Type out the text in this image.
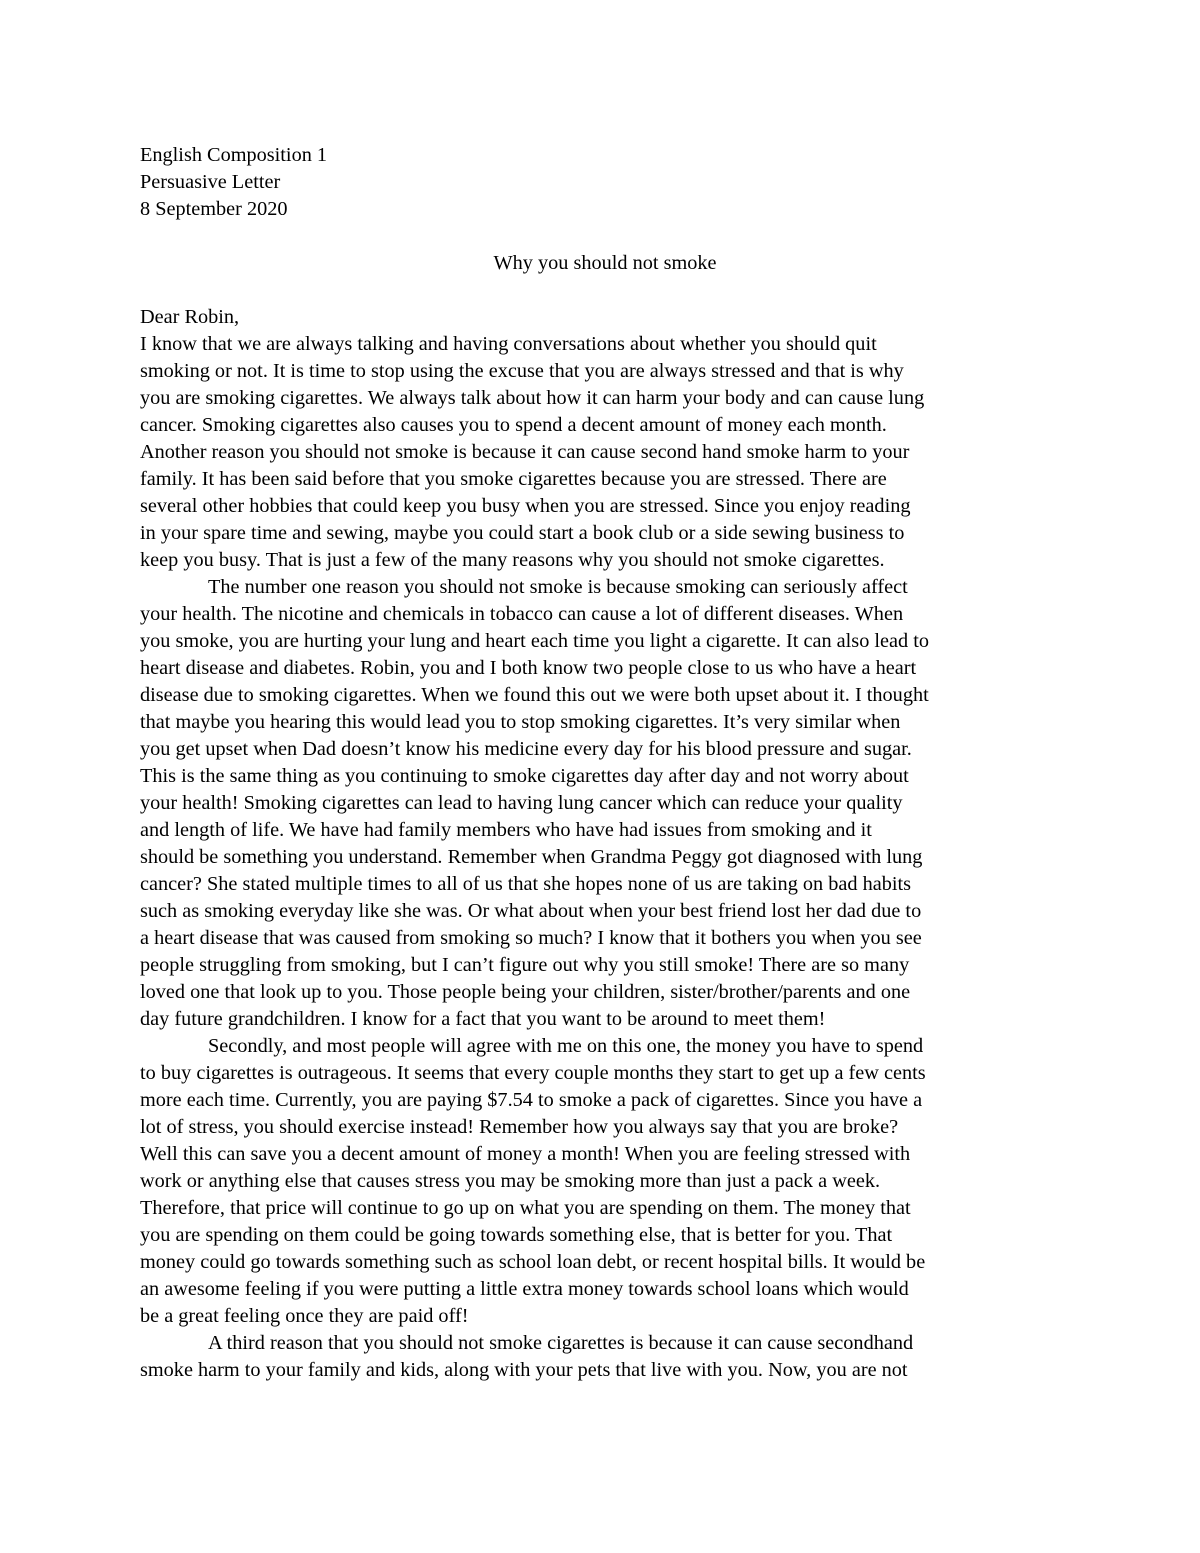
English Composition 1
Persuasive Letter
8 September 2020
Why you should not smoke
Dear Robin,
I know that we are always talking and having conversations about whether you should quit
smoking or not. It is time to stop using the excuse that you are always stressed and that is why
you are smoking cigarettes. We always talk about how it can harm your body and can cause lung
cancer. Smoking cigarettes also causes you to spend a decent amount of money each month.
Another reason you should not smoke is because it can cause second hand smoke harm to your
family. It has been said before that you smoke cigarettes because you are stressed. There are
several other hobbies that could keep you busy when you are stressed. Since you enjoy reading
in your spare time and sewing, maybe you could start a book club or a side sewing business to
keep you busy. That is just a few of the many reasons why you should not smoke cigarettes.
The number one reason you should not smoke is because smoking can seriously affect
your health. The nicotine and chemicals in tobacco can cause a lot of different diseases. When
you smoke, you are hurting your lung and heart each time you light a cigarette. It can also lead to
heart disease and diabetes. Robin, you and I both know two people close to us who have a heart
disease due to smoking cigarettes. When we found this out we were both upset about it. I thought
that maybe you hearing this would lead you to stop smoking cigarettes. It’s very similar when
you get upset when Dad doesn’t know his medicine every day for his blood pressure and sugar.
This is the same thing as you continuing to smoke cigarettes day after day and not worry about
your health! Smoking cigarettes can lead to having lung cancer which can reduce your quality
and length of life. We have had family members who have had issues from smoking and it
should be something you understand. Remember when Grandma Peggy got diagnosed with lung
cancer? She stated multiple times to all of us that she hopes none of us are taking on bad habits
such as smoking everyday like she was. Or what about when your best friend lost her dad due to
a heart disease that was caused from smoking so much? I know that it bothers you when you see
people struggling from smoking, but I can’t figure out why you still smoke! There are so many
loved one that look up to you. Those people being your children, sister/brother/parents and one
day future grandchildren. I know for a fact that you want to be around to meet them!
Secondly, and most people will agree with me on this one, the money you have to spend
to buy cigarettes is outrageous. It seems that every couple months they start to get up a few cents
more each time. Currently, you are paying $7.54 to smoke a pack of cigarettes. Since you have a
lot of stress, you should exercise instead! Remember how you always say that you are broke?
Well this can save you a decent amount of money a month! When you are feeling stressed with
work or anything else that causes stress you may be smoking more than just a pack a week.
Therefore, that price will continue to go up on what you are spending on them. The money that
you are spending on them could be going towards something else, that is better for you. That
money could go towards something such as school loan debt, or recent hospital bills. It would be
an awesome feeling if you were putting a little extra money towards school loans which would
be a great feeling once they are paid off!
A third reason that you should not smoke cigarettes is because it can cause secondhand
smoke harm to your family and kids, along with your pets that live with you. Now, you are not
